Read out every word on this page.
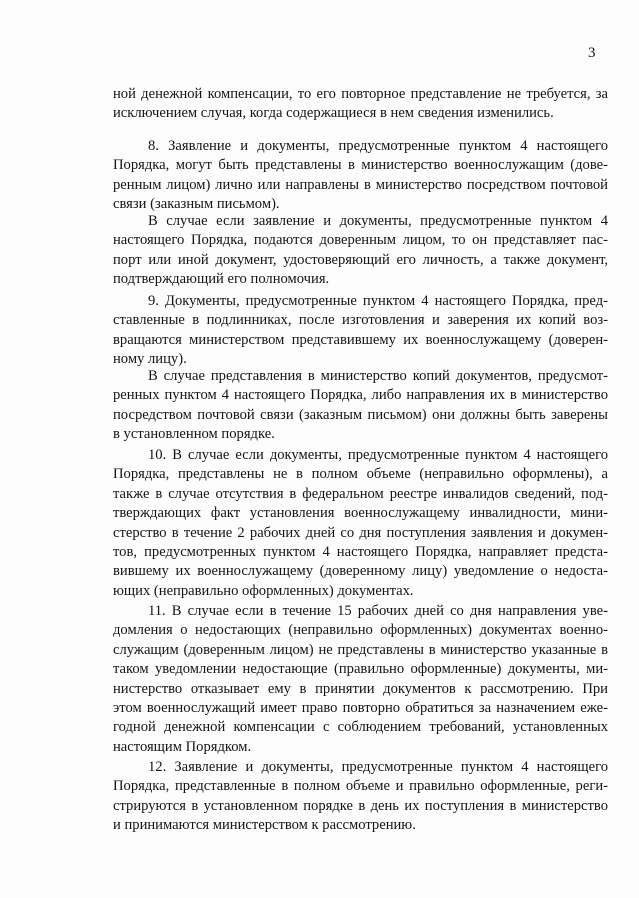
3
ной денежной компенсации, то его повторное представление не требуется, за
исключением случая, когда содержащиеся в нем сведения изменились.
8. Заявление и документы, предусмотренные пунктом 4 настоящего
Порядка, могут быть представлены в министерство военнослужащим (дове-
ренным лицом) лично или направлены в министерство посредством почтовой
связи (заказным письмом).
В случае если заявление и документы, предусмотренные пунктом 4
настоящего Порядка, подаются доверенным лицом, то он представляет пас-
порт или иной документ, удостоверяющий его личность, а также документ,
подтверждающий его полномочия.
9. Документы, предусмотренные пунктом 4 настоящего Порядка, пред-
ставленные в подлинниках, после изготовления и заверения их копий воз-
вращаются министерством представившему их военнослужащему (доверен-
ному лицу).
В случае представления в министерство копий документов, предусмот-
ренных пунктом 4 настоящего Порядка, либо направления их в министерство
посредством почтовой связи (заказным письмом) они должны быть заверены
в установленном порядке.
10. В случае если документы, предусмотренные пунктом 4 настоящего
Порядка, представлены не в полном объеме (неправильно оформлены), а
также в случае отсутствия в федеральном реестре инвалидов сведений, под-
тверждающих факт установления военнослужащему инвалидности, мини-
стерство в течение 2 рабочих дней со дня поступления заявления и докумен-
тов, предусмотренных пунктом 4 настоящего Порядка, направляет предста-
вившему их военнослужащему (доверенному лицу) уведомление о недоста-
ющих (неправильно оформленных) документах.
11. В случае если в течение 15 рабочих дней со дня направления уве-
домления о недостающих (неправильно оформленных) документах военно-
служащим (доверенным лицом) не представлены в министерство указанные в
таком уведомлении недостающие (правильно оформленные) документы, ми-
нистерство отказывает ему в принятии документов к рассмотрению. При
этом военнослужащий имеет право повторно обратиться за назначением еже-
годной денежной компенсации с соблюдением требований, установленных
настоящим Порядком.
12. Заявление и документы, предусмотренные пунктом 4 настоящего
Порядка, представленные в полном объеме и правильно оформленные, реги-
стрируются в установленном порядке в день их поступления в министерство
и принимаются министерством к рассмотрению.
